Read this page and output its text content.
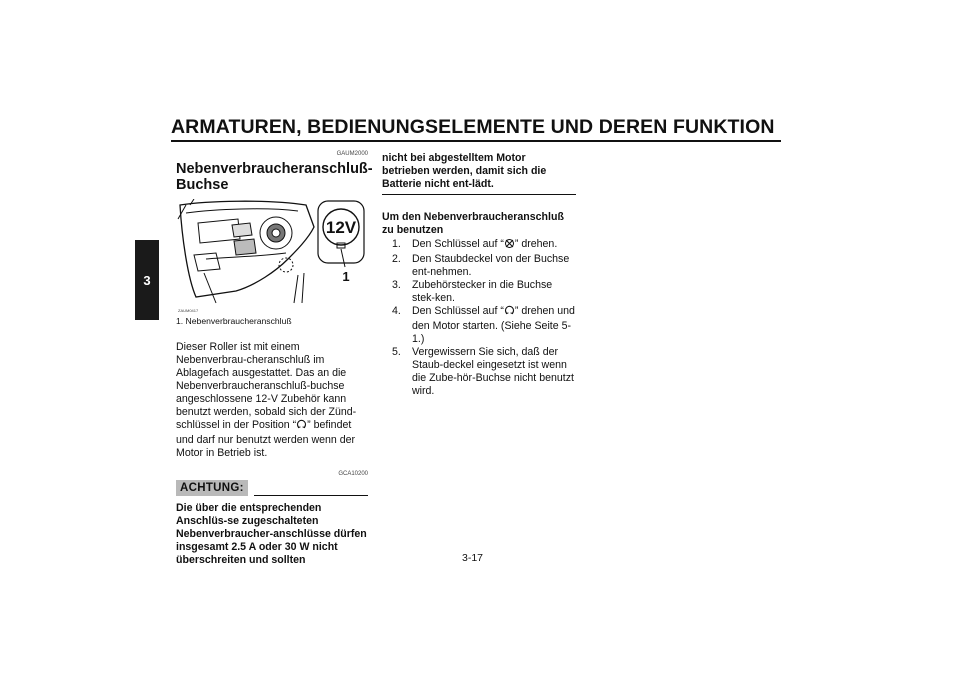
ARMATUREN, BEDIENUNGSELEMENTE UND DEREN FUNKTION
3
GAUM2000
Nebenverbraucheranschluß-Buchse
12V
1
ZAUM0417
1. Nebenverbraucheranschluß
Dieser Roller ist mit einem Nebenverbrau-cheranschluß im Ablagefach ausgestattet. Das an die Nebenverbraucheranschluß-buchse angeschlossene 12-V Zubehör kann benutzt werden, sobald sich der Zünd-schlüssel in der Position “ ” befindet und darf nur benutzt werden wenn der Motor in Betrieb ist.
GCA10200
ACHTUNG:
Die über die entsprechenden Anschlüs-se zugeschalteten Nebenverbraucher-anschlüsse dürfen insgesamt 2.5 A oder 30 W nicht überschreiten und sollten
nicht bei abgestelltem Motor betrieben werden, damit sich die Batterie nicht ent-lädt.
Um den Nebenverbraucheranschluß zu benutzen
1.	Den Schlüssel auf “ ” drehen.
2.	Den Staubdeckel von der Buchse ent-nehmen.
3.	Zubehörstecker in die Buchse stek-ken.
4.	Den Schlüssel auf “ ” drehen und den Motor starten. (Siehe Seite 5-1.)
5.	Vergewissern Sie sich, daß der Staub-deckel eingesetzt ist wenn die Zube-hör-Buchse nicht benutzt wird.
3-17
